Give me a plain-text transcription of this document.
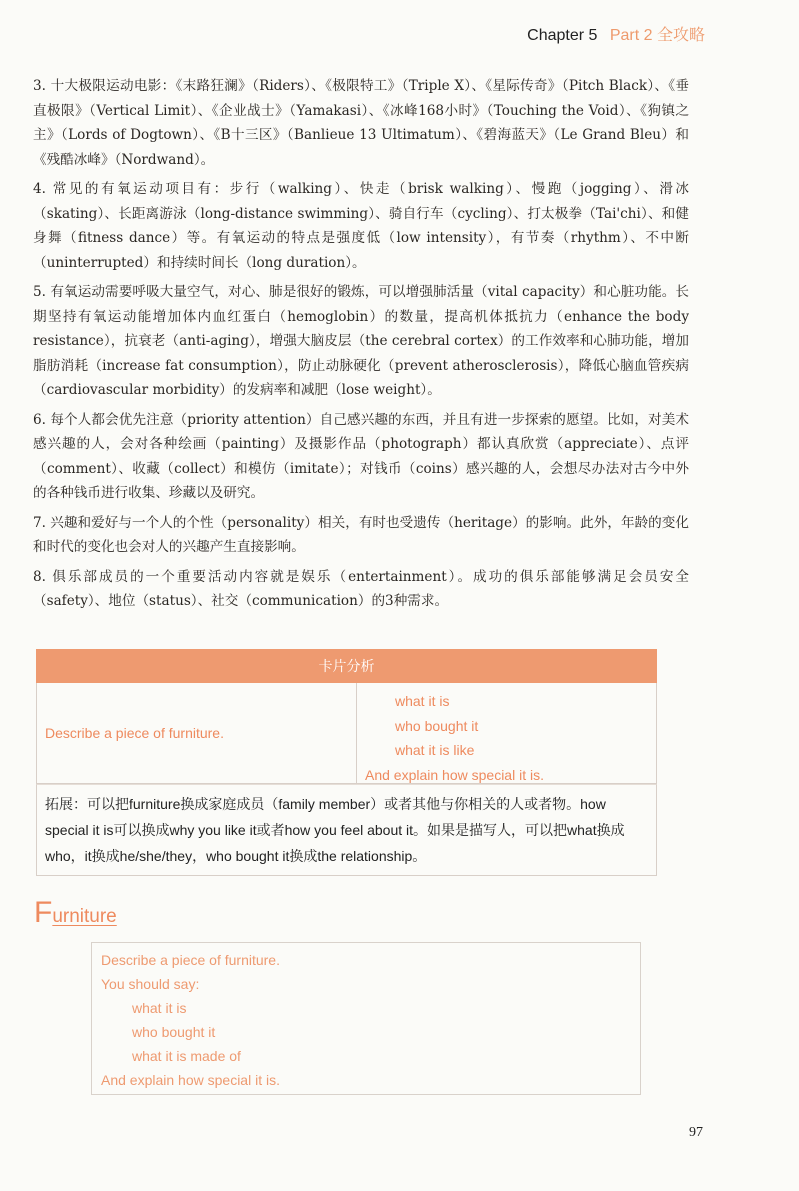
Chapter 5 Part 2 全攻略

3. 十大极限运动电影：《末路狂澜》（Riders）、《极限特工》（Triple X）、《星际传奇》（Pitch Black）、《垂直极限》（Vertical Limit）、《企业战士》（Yamakasi）、《冰峰168小时》（Touching the Void）、《狗镇之主》（Lords of Dogtown）、《B十三区》（Banlieue 13 Ultimatum）、《碧海蓝天》（Le Grand Bleu）和《残酷冰峰》（Nordwand）。

4. 常见的有氧运动项目有：步行（walking）、快走（brisk walking）、慢跑（jogging）、滑冰（skating）、长距离游泳（long-distance swimming）、骑自行车（cycling）、打太极拳（Tai'chi）、和健身舞（fitness dance）等。有氧运动的特点是强度低（low intensity），有节奏（rhythm）、不中断（uninterrupted）和持续时间长（long duration）。

5. 有氧运动需要呼吸大量空气，对心、肺是很好的锻炼，可以增强肺活量（vital capacity）和心脏功能。长期坚持有氧运动能增加体内血红蛋白（hemoglobin）的数量，提高机体抵抗力（enhance the body resistance），抗衰老（anti-aging），增强大脑皮层（the cerebral cortex）的工作效率和心肺功能，增加脂肪消耗（increase fat consumption），防止动脉硬化（prevent atherosclerosis），降低心脑血管疾病（cardiovascular morbidity）的发病率和减肥（lose weight）。

6. 每个人都会优先注意（priority attention）自己感兴趣的东西，并且有进一步探索的愿望。比如，对美术感兴趣的人，会对各种绘画（painting）及摄影作品（photograph）都认真欣赏（appreciate）、点评（comment）、收藏（collect）和模仿（imitate）；对钱币（coins）感兴趣的人，会想尽办法对古今中外的各种钱币进行收集、珍藏以及研究。

7. 兴趣和爱好与一个人的个性（personality）相关，有时也受遗传（heritage）的影响。此外，年龄的变化和时代的变化也会对人的兴趣产生直接影响。

8. 俱乐部成员的一个重要活动内容就是娱乐（entertainment）。成功的俱乐部能够满足会员安全（safety）、地位（status）、社交（communication）的3种需求。

卡片分析
Describe a piece of furniture.
what it is
who bought it
what it is like
And explain how special it is.
拓展：可以把furniture换成家庭成员（family member）或者其他与你相关的人或者物。how special it is可以换成why you like it或者how you feel about it。如果是描写人，可以把what换成who，it换成he/she/they，who bought it换成the relationship。
Furniture
Describe a piece of furniture.
You should say:
what it is
who bought it
what it is made of
And explain how special it is.
97
